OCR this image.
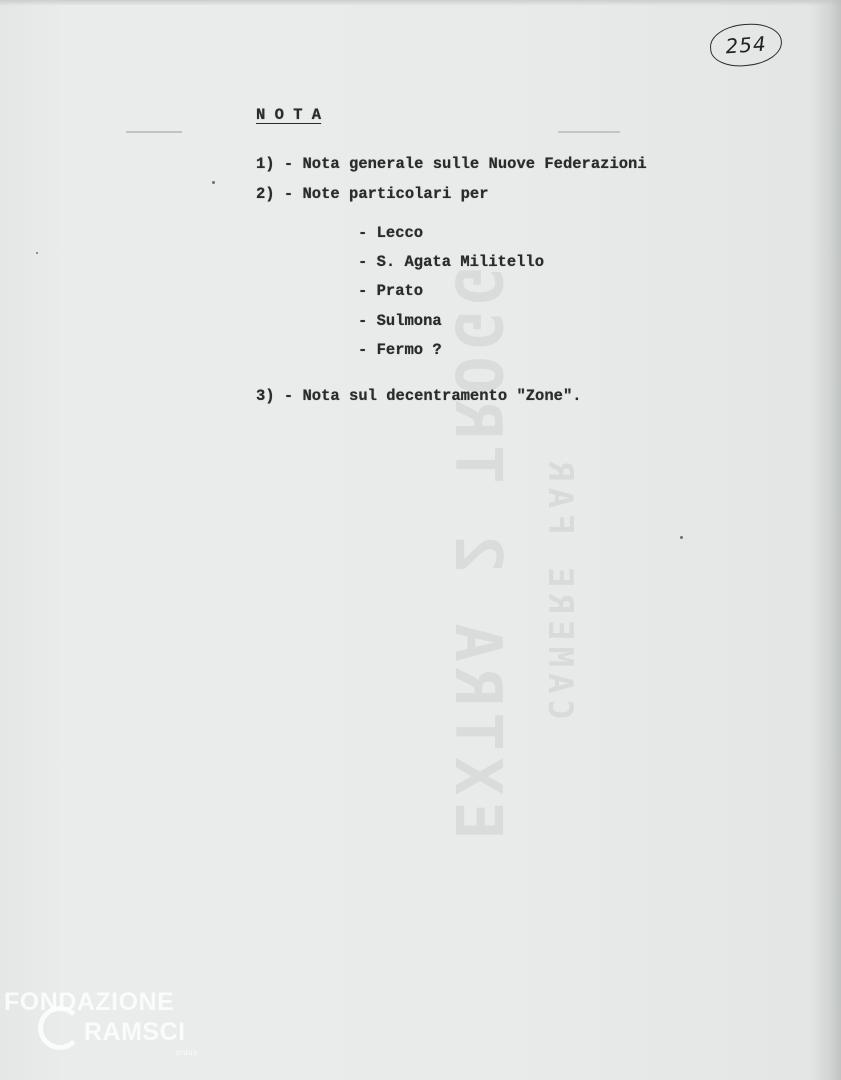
EXTRA 2 TROGG CAMERE FAR
254
N O T A
1) - Nota generale sulle Nuove Federazioni
2) - Note particolari per
- Lecco
- S. Agata Militello
- Prato
- Sulmona
- Fermo ?
3) - Nota sul decentramento "Zone".
FONDAZIONE
RAMSCI
onlus
